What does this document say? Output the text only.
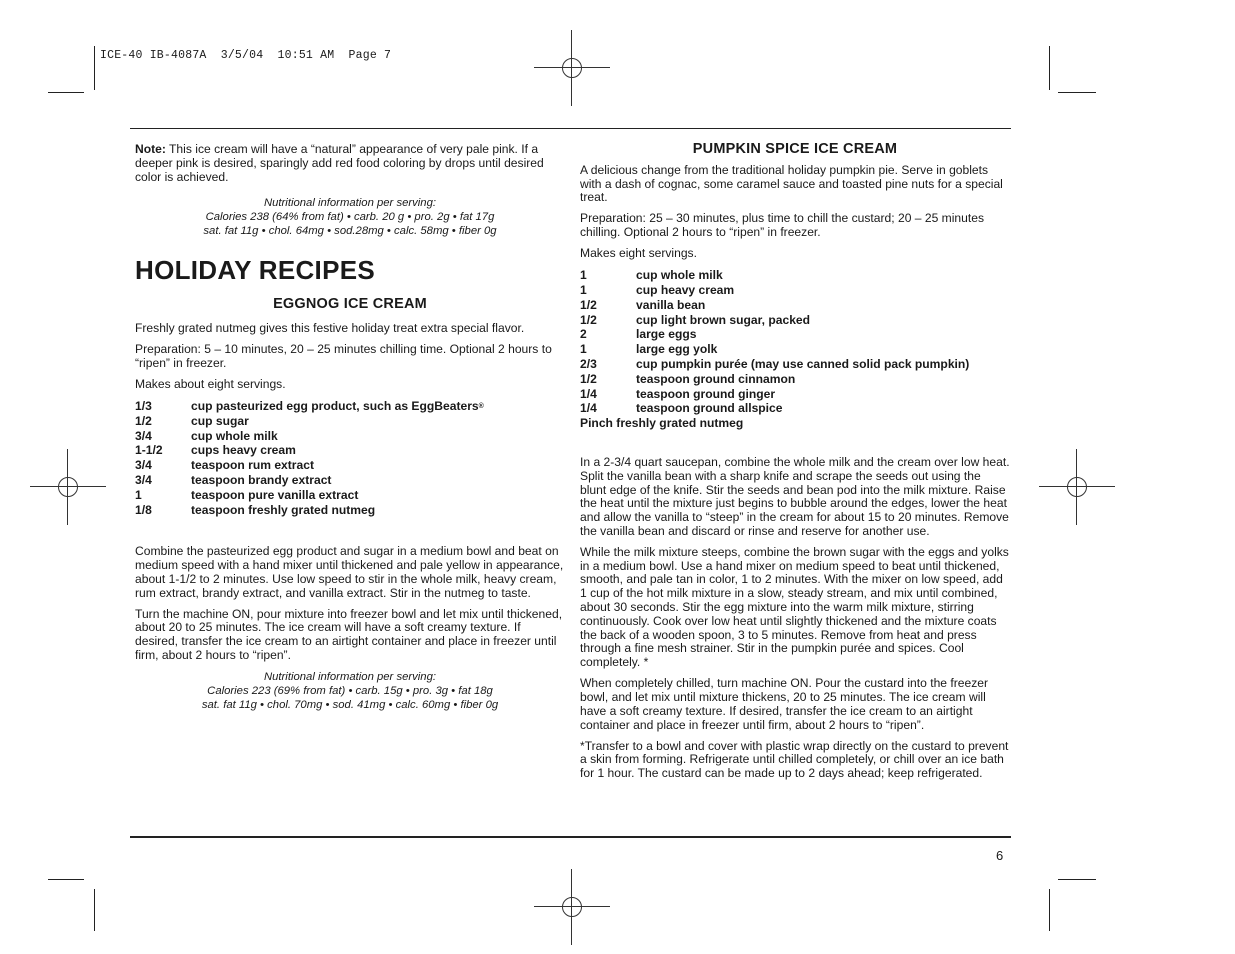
ICE-40 IB-4087A  3/5/04  10:51 AM  Page 7
6

Note: This ice cream will have a “natural” appearance of very pale pink. If a deeper pink is desired, sparingly add red food coloring by drops until desired color is achieved.

Nutritional information per serving:
Calories 238 (64% from fat) • carb. 20 g • pro. 2g • fat 17g
sat. fat 11g • chol. 64mg • sod.28mg • calc. 58mg • fiber 0g
HOLIDAY RECIPES
EGGNOG ICE CREAM

Freshly grated nutmeg gives this festive holiday treat extra special flavor.

Preparation: 5 – 10 minutes, 20 – 25 minutes chilling time. Optional 2 hours to “ripen” in freezer.

Makes about eight servings.

1/3	cup pasteurized egg product, such as EggBeaters®
1/2	cup sugar
3/4	cup whole milk
1-1/2	cups heavy cream
3/4	teaspoon rum extract
3/4	teaspoon brandy extract
1	teaspoon pure vanilla extract
1/8	teaspoon freshly grated nutmeg

Combine the pasteurized egg product and sugar in a medium bowl and beat on medium speed with a hand mixer until thickened and pale yellow in appearance, about 1-1/2 to 2 minutes. Use low speed to stir in the whole milk, heavy cream, rum extract, brandy extract, and vanilla extract. Stir in the nutmeg to taste.

Turn the machine ON, pour mixture into freezer bowl and let mix until thickened, about 20 to 25 minutes. The ice cream will have a soft creamy texture. If desired, transfer the ice cream to an airtight container and place in freezer until firm, about 2 hours to “ripen”.

Nutritional information per serving:
Calories 223 (69% from fat) • carb. 15g • pro. 3g • fat 18g
sat. fat 11g • chol. 70mg • sod. 41mg • calc. 60mg • fiber 0g
PUMPKIN SPICE ICE CREAM

A delicious change from the traditional holiday pumpkin pie. Serve in goblets with a dash of cognac, some caramel sauce and toasted pine nuts for a special treat.

Preparation: 25 – 30 minutes, plus time to chill the custard; 20 – 25 minutes chilling. Optional 2 hours to “ripen” in freezer.

Makes eight servings.

1	cup whole milk
1	cup heavy cream
1/2	vanilla bean
1/2	cup light brown sugar, packed
2	large eggs
1	large egg yolk
2/3	cup pumpkin purée (may use canned solid pack pumpkin)
1/2	teaspoon ground cinnamon
1/4	teaspoon ground ginger
1/4	teaspoon ground allspice
Pinch freshly grated nutmeg

In a 2-3/4 quart saucepan, combine the whole milk and the cream over low heat. Split the vanilla bean with a sharp knife and scrape the seeds out using the blunt edge of the knife. Stir the seeds and bean pod into the milk mixture. Raise the heat until the mixture just begins to bubble around the edges, lower the heat and allow the vanilla to “steep” in the cream for about 15 to 20 minutes. Remove the vanilla bean and discard or rinse and reserve for another use.

While the milk mixture steeps, combine the brown sugar with the eggs and yolks in a medium bowl. Use a hand mixer on medium speed to beat until thickened, smooth, and pale tan in color, 1 to 2 minutes. With the mixer on low speed, add 1 cup of the hot milk mixture in a slow, steady stream, and mix until combined, about 30 seconds. Stir the egg mixture into the warm milk mixture, stirring continuously. Cook over low heat until slightly thickened and the mixture coats the back of a wooden spoon, 3 to 5 minutes. Remove from heat and press through a fine mesh strainer. Stir in the pumpkin purée and spices. Cool completely. *

When completely chilled, turn machine ON. Pour the custard into the freezer bowl, and let mix until mixture thickens, 20 to 25 minutes. The ice cream will have a soft creamy texture. If desired, transfer the ice cream to an airtight container and place in freezer until firm, about 2 hours to “ripen”.

*Transfer to a bowl and cover with plastic wrap directly on the custard to prevent a skin from forming. Refrigerate until chilled completely, or chill over an ice bath for 1 hour. The custard can be made up to 2 days ahead; keep refrigerated.
